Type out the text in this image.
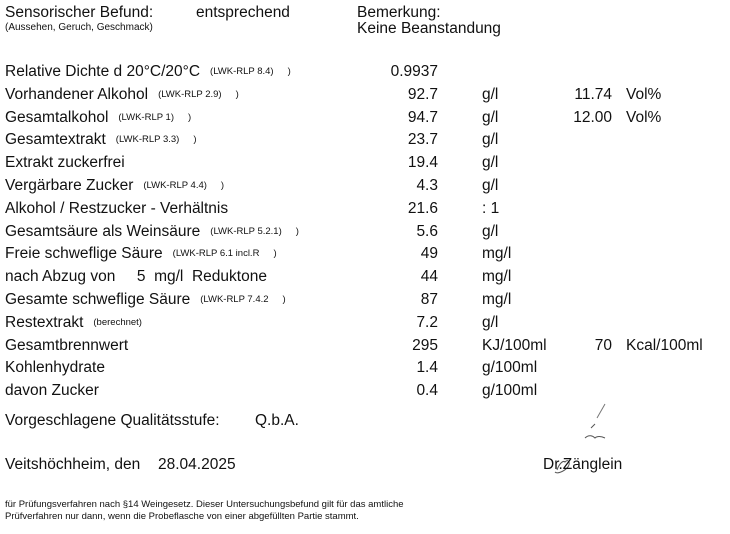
Sensorischer Befund:	entsprechend
(Aussehen, Geruch, Geschmack)
Bemerkung:
Keine Beanstandung
Relative Dichte d 20°C/20°C	0.9937
(LWK-RLP 8.4) )
Vorhandener Alkohol	92.7	g/l	11.74 Vol%
(LWK-RLP 2.9) )
Gesamtalkohol	94.7	g/l	12.00 Vol%
(LWK-RLP 1) )
Gesamtextrakt	23.7	g/l
(LWK-RLP 3.3) )
Extrakt zuckerfrei	19.4	g/l
Vergärbare Zucker	4.3	g/l
(LWK-RLP 4.4) )
Alkohol / Restzucker - Verhältnis	21.6	: 1
Gesamtsäure als Weinsäure	5.6	g/l
(LWK-RLP 5.2.1) )
Freie schweflige Säure	49	mg/l
(LWK-RLP 6.1 incl.R )
nach Abzug von     5  mg/l  Reduktone	44	mg/l
Gesamte schweflige Säure	87	mg/l
(LWK-RLP 7.4.2 )
Restextrakt	7.2	g/l
(berechnet)
Gesamtbrennwert	295	KJ/100ml	70 Kcal/100ml
Kohlenhydrate	1.4	g/100ml
davon Zucker	0.4	g/100ml
Vorgeschlagene Qualitätsstufe: Q.b.A.
Veitshöchheim, den 28.04.2025	Dr.Zänglein
für Prüfungsverfahren nach §14 Weingesetz. Dieser Untersuchungsbefund gilt für das amtliche
Prüfverfahren nur dann, wenn die Probeflasche von einer abgefüllten Partie stammt.
